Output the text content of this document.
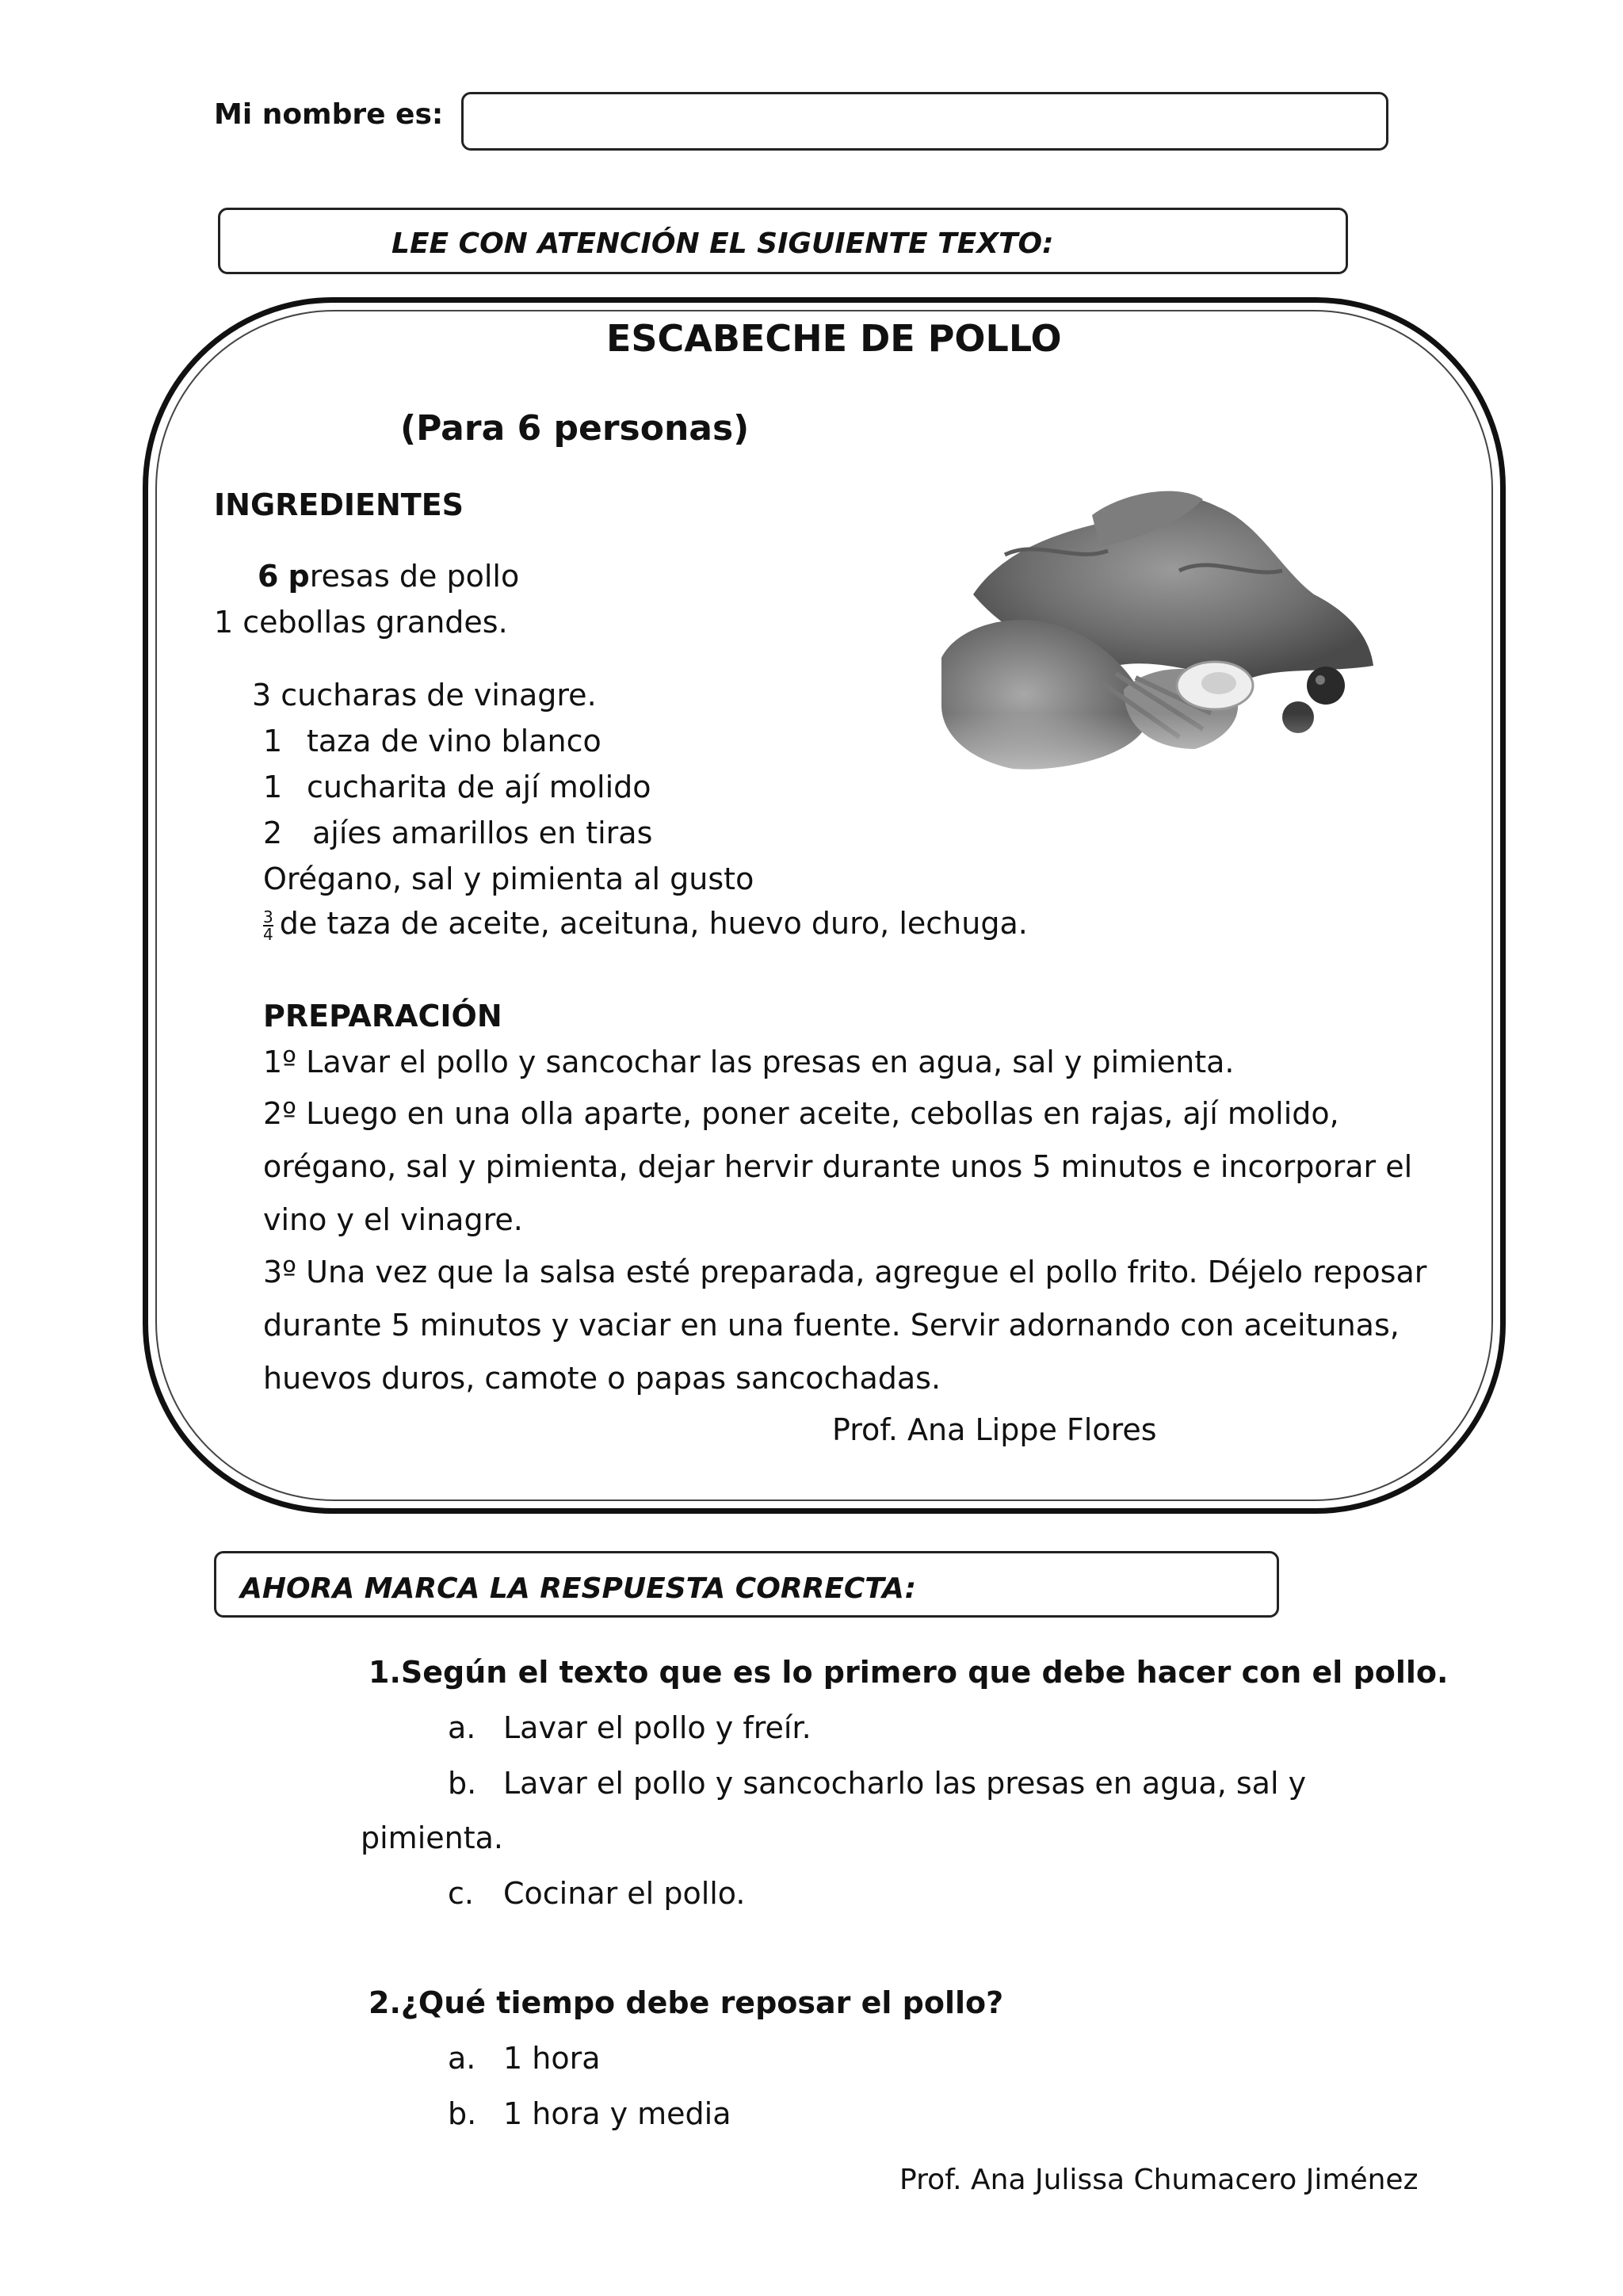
Mi nombre es:
LEE CON ATENCIÓN EL SIGUIENTE TEXTO:
ESCABECHE DE POLLO
(Para 6 personas)
INGREDIENTES
6 presas de pollo
1 cebollas grandes.
3 cucharas de vinagre.
1 taza de vino blanco
1 cucharita de ají molido
2 ajíes amarillos en tiras
Orégano, sal y pimienta al gusto
$\frac{3}{4}$ de taza de aceite, aceituna, huevo duro, lechuga.
PREPARACIÓN
1º Lavar el pollo y sancochar las presas en agua, sal y pimienta.
2º Luego en una olla aparte, poner aceite, cebollas en rajas, ají molido,
orégano, sal y pimienta, dejar hervir durante unos 5 minutos e incorporar el
vino y el vinagre.
3º Una vez que la salsa esté preparada, agregue el pollo frito. Déjelo reposar
durante 5 minutos y vaciar en una fuente. Servir adornando con aceitunas,
huevos duros, camote o papas sancochadas.
Prof. Ana Lippe Flores
AHORA MARCA LA RESPUESTA CORRECTA:
1.Según el texto que es lo primero que debe hacer con el pollo.
a. Lavar el pollo y freír.
b. Lavar el pollo y sancocharlo las presas en agua, sal y
pimienta.
c. Cocinar el pollo.
2.¿Qué tiempo debe reposar el pollo?
a. 1 hora
b. 1 hora y media
Prof. Ana Julissa Chumacero Jiménez
